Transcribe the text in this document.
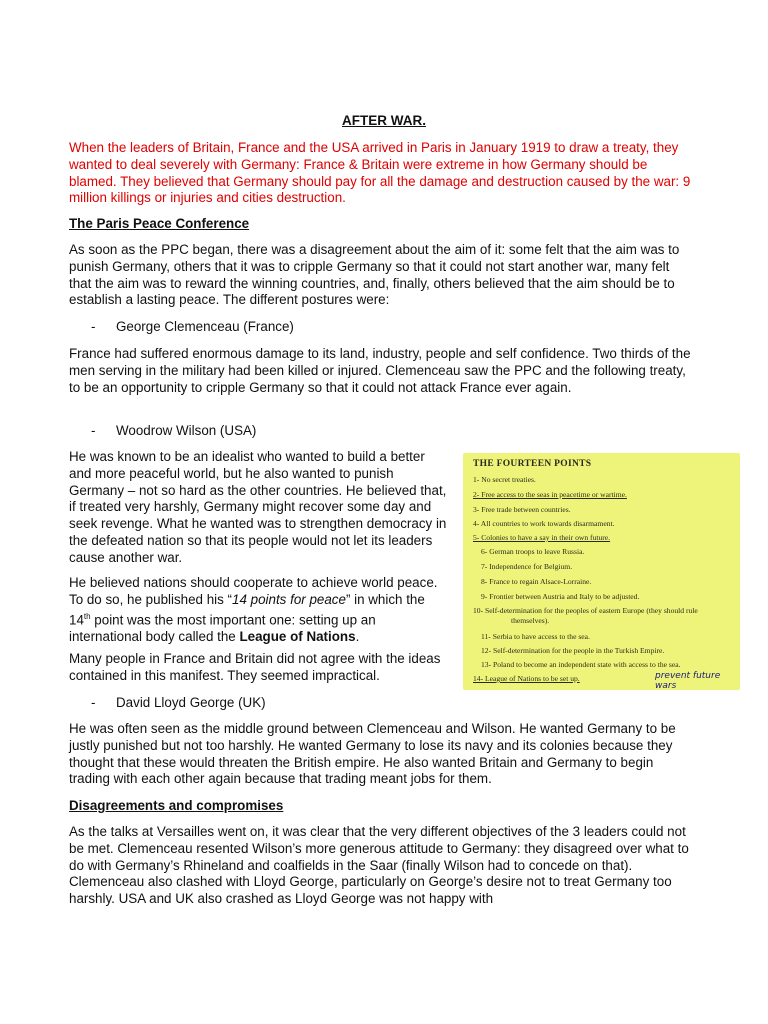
AFTER WAR.

When the leaders of Britain, France and the USA arrived in Paris in January 1919 to draw a treaty, they wanted to deal severely with Germany: France & Britain were extreme in how Germany should be blamed. They believed that Germany should pay for all the damage and destruction caused by the war: 9 million killings or injuries and cities destruction.

The Paris Peace Conference

As soon as the PPC began, there was a disagreement about the aim of it: some felt that the aim was to punish Germany, others that it was to cripple Germany so that it could not start another war, many felt that the aim was to reward the winning countries, and, finally, others believed that the aim should be to establish a lasting peace. The different postures were:

- George Clemenceau (France)

France had suffered enormous damage to its land, industry, people and self confidence. Two thirds of the men serving in the military had been killed or injured. Clemenceau saw the PPC and the following treaty, to be an opportunity to cripple Germany so that it could not attack France ever again.

- Woodrow Wilson (USA)

He was known to be an idealist who wanted to build a better and more peaceful world, but he also wanted to punish Germany – not so hard as the other countries. He believed that, if treated very harshly, Germany might recover some day and seek revenge. What he wanted was to strengthen democracy in the defeated nation so that its people would not let its leaders cause another war.

He believed nations should cooperate to achieve world peace. To do so, he published his “14 points for peace” in which the 14th point was the most important one: setting up an international body called the League of Nations.

Many people in France and Britain did not agree with the ideas contained in this manifest. They seemed impractical.

- David Lloyd George (UK)

He was often seen as the middle ground between Clemenceau and Wilson. He wanted Germany to be justly punished but not too harshly. He wanted Germany to lose its navy and its colonies because they thought that these would threaten the British empire. He also wanted Britain and Germany to begin trading with each other again because that trading meant jobs for them.

Disagreements and compromises

As the talks at Versailles went on, it was clear that the very different objectives of the 3 leaders could not be met. Clemenceau resented Wilson’s more generous attitude to Germany: they disagreed over what to do with Germany’s Rhineland and coalfields in the Saar (finally Wilson had to concede on that). Clemenceau also clashed with Lloyd George, particularly on George’s desire not to treat Germany too harshly. USA and UK also crashed as Lloyd George was not happy with

THE FOURTEEN POINTS
1- No secret treaties.
2- Free access to the seas in peacetime or wartime.
3- Free trade between countries.
4- All countries to work towards disarmament.
5- Colonies to have a say in their own future.
6- German troops to leave Russia.
7- Independence for Belgium.
8- France to regain Alsace-Lorraine.
9- Frontier between Austria and Italy to be adjusted.
10- Self-determination for the peoples of eastern Europe (they should rule
themselves).
11- Serbia to have access to the sea.
12- Self-determination for the people in the Turkish Empire.
13- Poland to become an independent state with access to the sea.
14- League of Nations to be set up.	prevent future wars
